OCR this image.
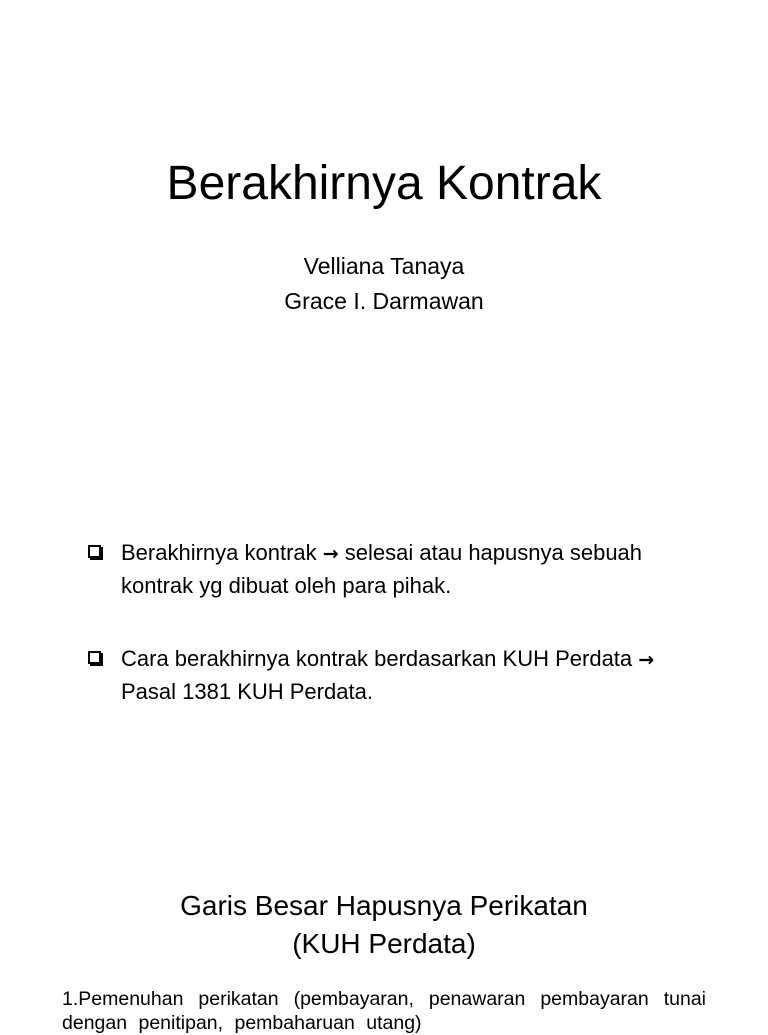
Berakhirnya Kontrak
Velliana Tanaya
Grace I. Darmawan
Berakhirnya kontrak → selesai atau hapusnya sebuah kontrak yg dibuat oleh para pihak.
Cara berakhirnya kontrak berdasarkan KUH Perdata → Pasal 1381 KUH Perdata.
Garis Besar Hapusnya Perikatan
(KUH Perdata)
1.Pemenuhan perikatan (pembayaran, penawaran pembayaran tunai dengan penitipan, pembaharuan utang)
